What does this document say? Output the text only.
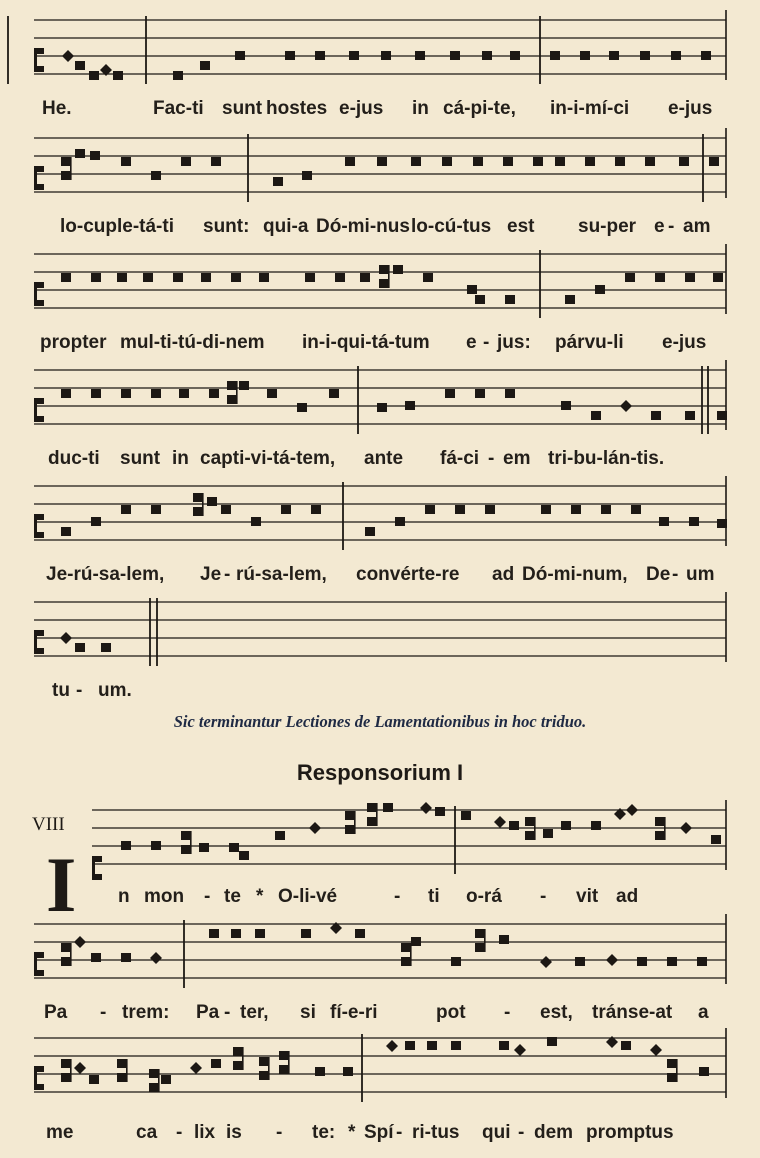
He.	Fac-ti sunt hostes e-jus in cá-pi-te, in-i-mí-ci e-jus
lo-cuple-tá-ti sunt: qui-a Dó-mi-nus lo-cú-tus est su-per e - am
propter mul-ti-tú-di-nem in-i-qui-tá-tum e - jus: párvu-li e-jus
duc-ti sunt in capti-vi-tá-tem, ante fá-ci - em tri-bu-lán-tis.
Je-rú-sa-lem, Je - rú-sa-lem, convérte-re ad Dó-mi-num, De - um
tu - um.
Sic terminantur Lectiones de Lamentationibus in hoc triduo.
Responsorium I
VIII
I n mon - te * O-li-vé	- ti o-rá - vit ad
Pa - trem: Pa - ter, si fí-e-ri	pot - est, tránse-at a
me	ca - lix is - te: * Spí - ri-tus qui - dem promptus
